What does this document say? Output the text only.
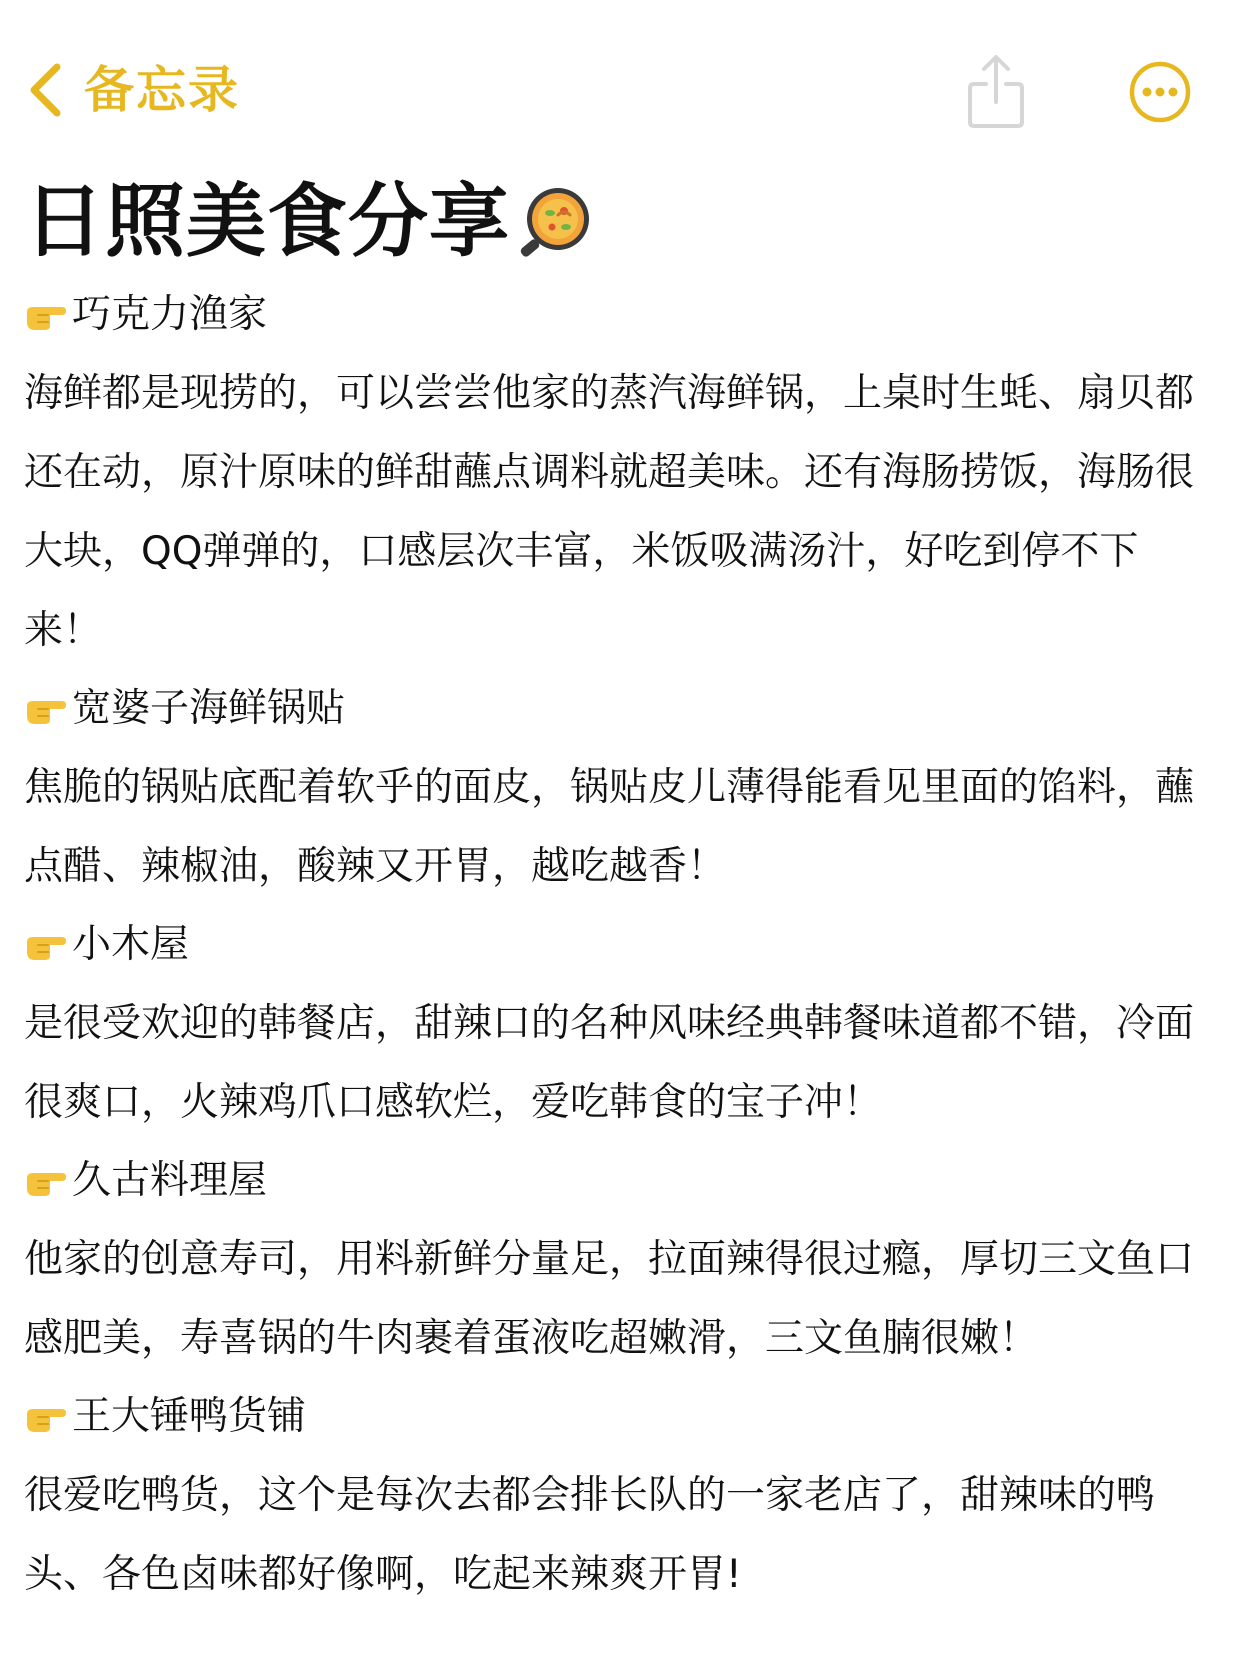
备忘录
日照美食分享
巧克力渔家

海鲜都是现捞的，可以尝尝他家的蒸汽海鲜锅，上桌时生蚝、扇贝都还在动，原汁原味的鲜甜蘸点调料就超美味。还有海肠捞饭，海肠很大块，QQ弹弹的，口感层次丰富，米饭吸满汤汁，好吃到停不下来！

宽婆子海鲜锅贴

焦脆的锅贴底配着软乎的面皮，锅贴皮儿薄得能看见里面的馅料，蘸点醋、辣椒油，酸辣又开胃，越吃越香！

小木屋

是很受欢迎的韩餐店，甜辣口的名种风味经典韩餐味道都不错，冷面很爽口，火辣鸡爪口感软烂，爱吃韩食的宝子冲！

久古料理屋

他家的创意寿司，用料新鲜分量足，拉面辣得很过瘾，厚切三文鱼口感肥美，寿喜锅的牛肉裹着蛋液吃超嫩滑，三文鱼腩很嫩！

王大锤鸭货铺

很爱吃鸭货，这个是每次去都会排长队的一家老店了，甜辣味的鸭头、各色卤味都好像啊，吃起来辣爽开胃!
